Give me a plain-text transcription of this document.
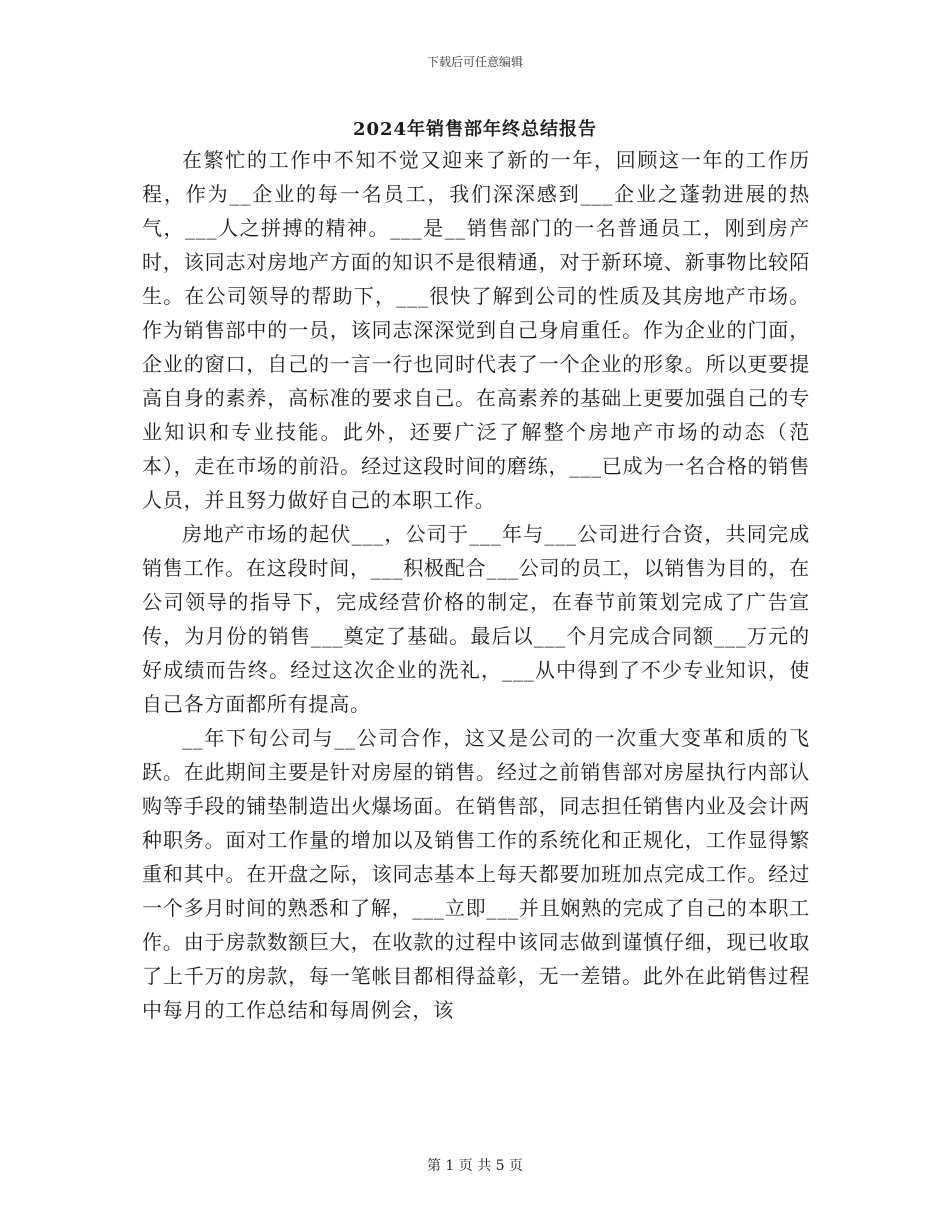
下载后可任意编辑
2024年销售部年终总结报告

在繁忙的工作中不知不觉又迎来了新的一年，回顾这一年的工作历程，作为__企业的每一名员工，我们深深感到___企业之蓬勃进展的热气，___人之拼搏的精神。___是__销售部门的一名普通员工，刚到房产时，该同志对房地产方面的知识不是很精通，对于新环境、新事物比较陌生。在公司领导的帮助下，___很快了解到公司的性质及其房地产市场。作为销售部中的一员，该同志深深觉到自己身肩重任。作为企业的门面，企业的窗口，自己的一言一行也同时代表了一个企业的形象。所以更要提高自身的素养，高标准的要求自己。在高素养的基础上更要加强自己的专业知识和专业技能。此外，还要广泛了解整个房地产市场的动态（范本），走在市场的前沿。经过这段时间的磨练，___已成为一名合格的销售人员，并且努力做好自己的本职工作。

房地产市场的起伏___，公司于___年与___公司进行合资，共同完成销售工作。在这段时间，___积极配合___公司的员工，以销售为目的，在公司领导的指导下，完成经营价格的制定，在春节前策划完成了广告宣传，为月份的销售___奠定了基础。最后以___个月完成合同额___万元的好成绩而告终。经过这次企业的洗礼，___从中得到了不少专业知识，使自己各方面都所有提高。

__年下旬公司与__公司合作，这又是公司的一次重大变革和质的飞跃。在此期间主要是针对房屋的销售。经过之前销售部对房屋执行内部认购等手段的铺垫制造出火爆场面。在销售部，同志担任销售内业及会计两种职务。面对工作量的增加以及销售工作的系统化和正规化，工作显得繁重和其中。在开盘之际，该同志基本上每天都要加班加点完成工作。经过一个多月时间的熟悉和了解，___立即___并且娴熟的完成了自己的本职工作。由于房款数额巨大，在收款的过程中该同志做到谨慎仔细，现已收取了上千万的房款，每一笔帐目都相得益彰，无一差错。此外在此销售过程中每月的工作总结和每周例会，该

第 1 页 共 5 页
